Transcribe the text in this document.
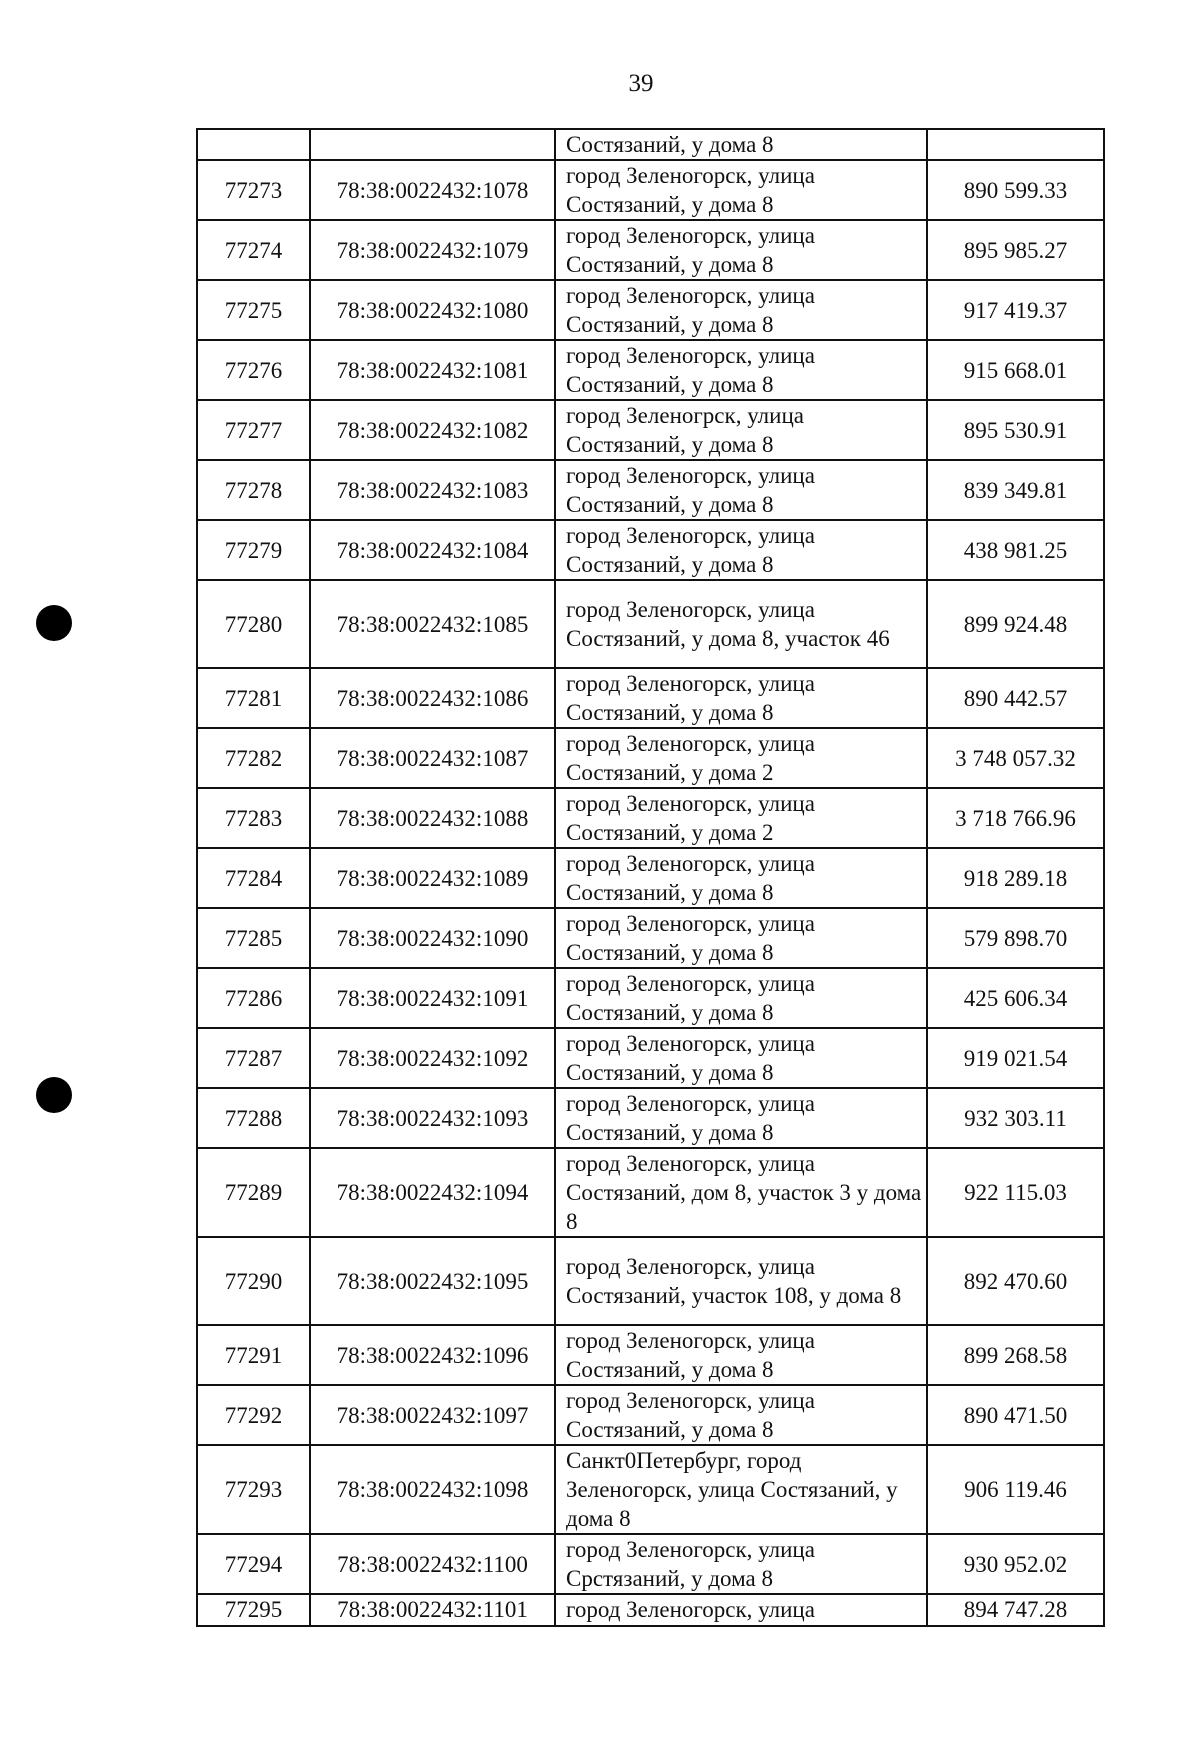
39
		Состязаний, у дома 8	
77273	78:38:0022432:1078	город Зеленогорск, улица Состязаний, у дома 8	890 599.33
77274	78:38:0022432:1079	город Зеленогорск, улица Состязаний, у дома 8	895 985.27
77275	78:38:0022432:1080	город Зеленогорск, улица Состязаний, у дома 8	917 419.37
77276	78:38:0022432:1081	город Зеленогорск, улица Состязаний, у дома 8	915 668.01
77277	78:38:0022432:1082	город Зеленогрск, улица Состязаний, у дома 8	895 530.91
77278	78:38:0022432:1083	город Зеленогорск, улица Состязаний, у дома 8	839 349.81
77279	78:38:0022432:1084	город Зеленогорск, улица Состязаний, у дома 8	438 981.25
77280	78:38:0022432:1085	город Зеленогорск, улица Состязаний, у дома 8, участок 46	899 924.48
77281	78:38:0022432:1086	город Зеленогорск, улица Состязаний, у дома 8	890 442.57
77282	78:38:0022432:1087	город Зеленогорск, улица Состязаний, у дома 2	3 748 057.32
77283	78:38:0022432:1088	город Зеленогорск, улица Состязаний, у дома 2	3 718 766.96
77284	78:38:0022432:1089	город Зеленогорск, улица Состязаний, у дома 8	918 289.18
77285	78:38:0022432:1090	город Зеленогорск, улица Состязаний, у дома 8	579 898.70
77286	78:38:0022432:1091	город Зеленогорск, улица Состязаний, у дома 8	425 606.34
77287	78:38:0022432:1092	город Зеленогорск, улица Состязаний, у дома 8	919 021.54
77288	78:38:0022432:1093	город Зеленогорск, улица Состязаний, у дома 8	932 303.11
77289	78:38:0022432:1094	город Зеленогорск, улица Состязаний, дом 8, участок 3 у дома 8	922 115.03
77290	78:38:0022432:1095	город Зеленогорск, улица Состязаний, участок 108, у дома 8	892 470.60
77291	78:38:0022432:1096	город Зеленогорск, улица Состязаний, у дома 8	899 268.58
77292	78:38:0022432:1097	город Зеленогорск, улица Состязаний, у дома 8	890 471.50
77293	78:38:0022432:1098	Санкт0Петербург, город Зеленогорск, улица Состязаний, у дома 8	906 119.46
77294	78:38:0022432:1100	город Зеленогорск, улица Срстязаний, у дома 8	930 952.02
77295	78:38:0022432:1101	город Зеленогорск, улица	894 747.28
